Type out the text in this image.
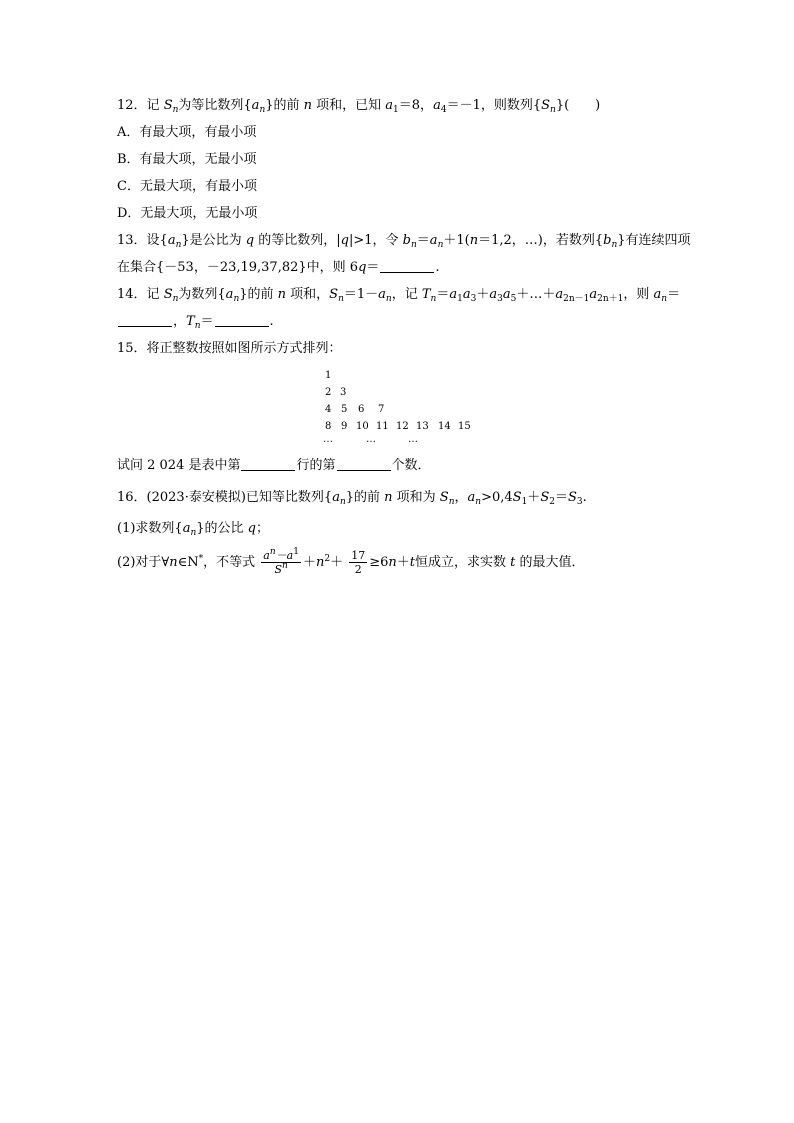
12．记 $S_n$为等比数列$\{a_n\}$的前 n 项和，已知 $a_1=8$，$a_4=-1$，则数列$\{S_n\}$(　　)
A．有最大项，有最小项
B．有最大项，无最小项
C．无最大项，有最小项
D．无最大项，无最小项
13．设$\{a_n\}$是公比为 q 的等比数列，|q|>1，令 $b_n=a_n+1(n=1,2$，…)，若数列$\{b_n\}$有连续四项
在集合{－53，－23,19,37,82}中，则 6q＝	.
14．记 $S_n$为数列$\{a_n\}$的前 n 项和，$S_n=1-a_n$，记 $T_n=a_1a_3+a_3a_5+\dots+a_{2n-1}a_{2n+1}$，则 $a_n=$
，$T_n=$	.
15．将正整数按照如图所示方式排列：
1
2 3
4 5 6 7
8 9 10 11 12 13 14 15
…	…	…
试问 2 024 是表中第	行的第	个数．
16．(2023·泰安模拟)已知等比数列$\{a_n\}$的前 n 项和为 $S_n$，$a_n>0,4S_1+S_2=S_3$.
(1)求数列$\{a_n\}$的公比 q；
(2)对于∀n∈N*，不等式 $\frac{a^n-a^1}{S^n} +n^2+ \frac{17}{2} \ge 6n+t$恒成立，求实数 t 的最大值．
